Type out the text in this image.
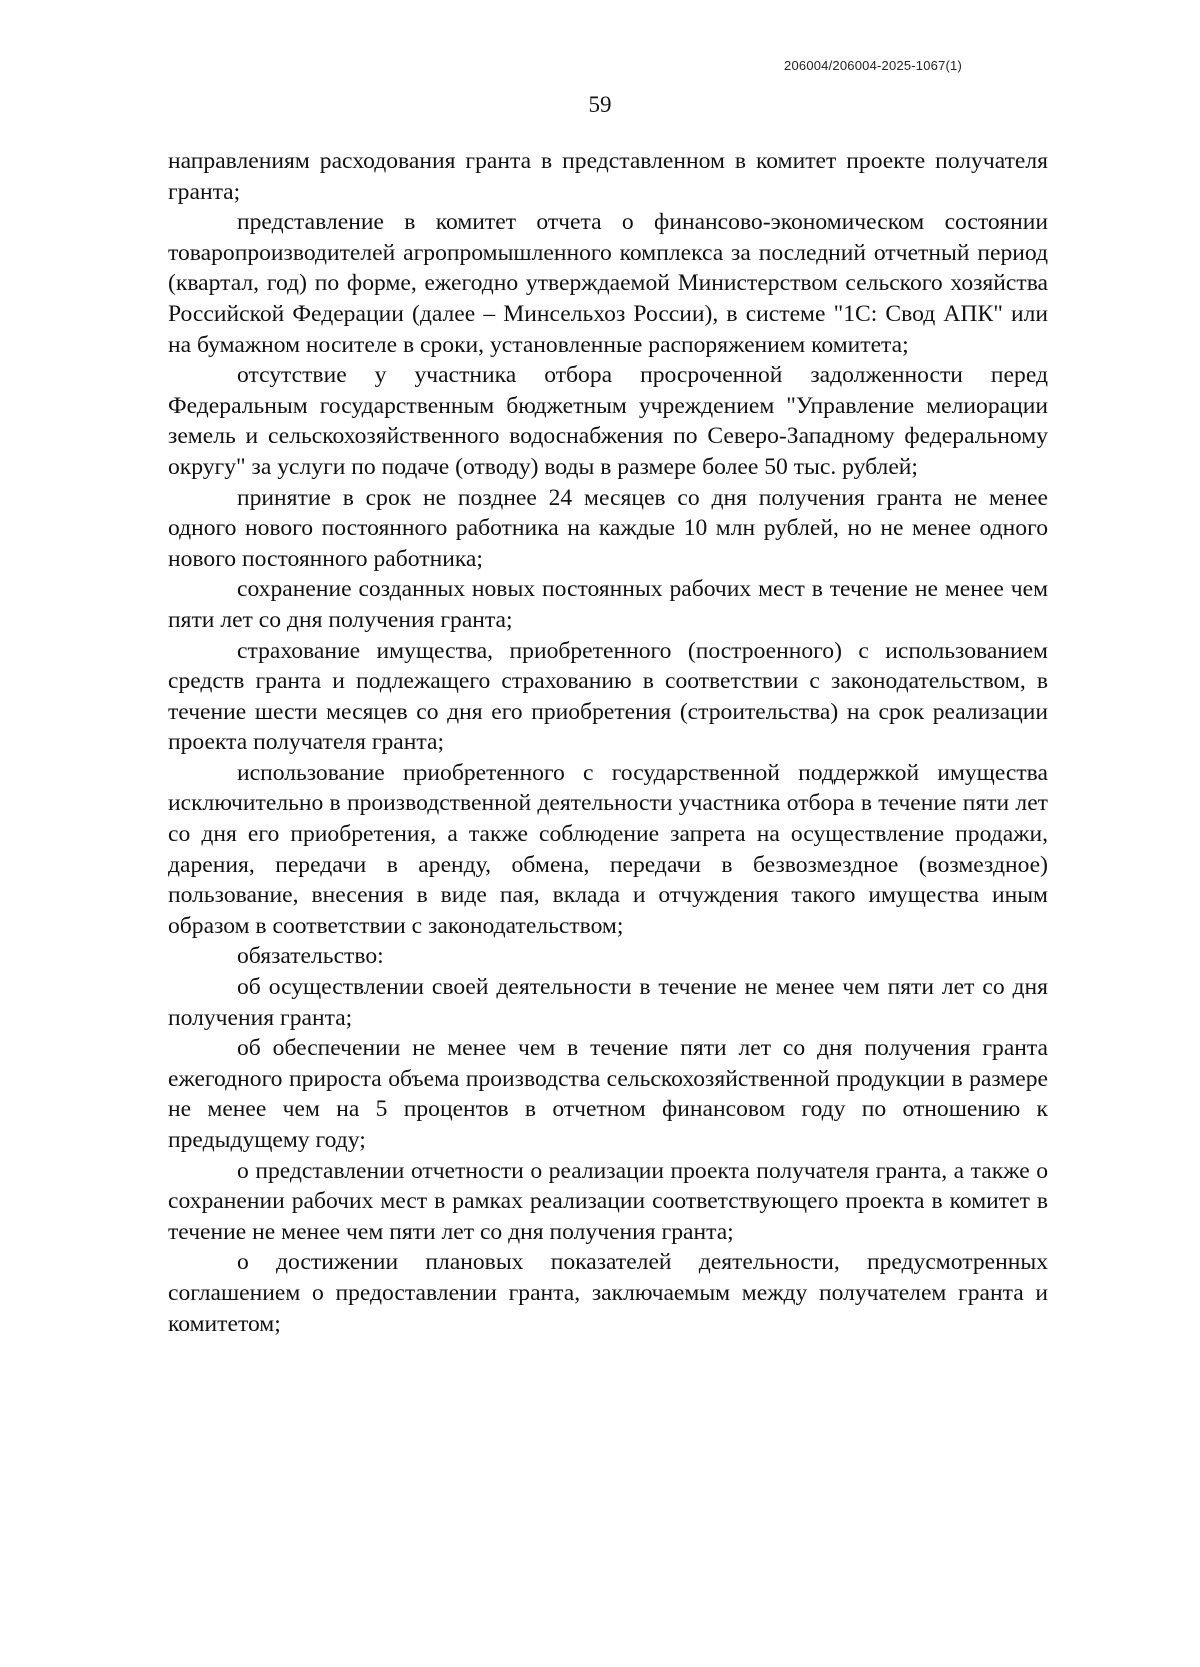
206004/206004-2025-1067(1)
59

направлениям расходования гранта в представленном в комитет проекте получателя гранта;

представление в комитет отчета о финансово-экономическом состоянии товаропроизводителей агропромышленного комплекса за последний отчетный период (квартал, год) по форме, ежегодно утверждаемой Министерством сельского хозяйства Российской Федерации (далее – Минсельхоз России), в системе "1С: Свод АПК" или на бумажном носителе в сроки, установленные распоряжением комитета;

отсутствие у участника отбора просроченной задолженности перед Федеральным государственным бюджетным учреждением "Управление мелиорации земель и сельскохозяйственного водоснабжения по Северо-Западному федеральному округу" за услуги по подаче (отводу) воды в размере более 50 тыс. рублей;

принятие в срок не позднее 24 месяцев со дня получения гранта не менее одного нового постоянного работника на каждые 10 млн рублей, но не менее одного нового постоянного работника;

сохранение созданных новых постоянных рабочих мест в течение не менее чем пяти лет со дня получения гранта;

страхование имущества, приобретенного (построенного) с использованием средств гранта и подлежащего страхованию в соответствии с законодательством, в течение шести месяцев со дня его приобретения (строительства) на срок реализации проекта получателя гранта;

использование приобретенного с государственной поддержкой имущества исключительно в производственной деятельности участника отбора в течение пяти лет со дня его приобретения, а также соблюдение запрета на осуществление продажи, дарения, передачи в аренду, обмена, передачи в безвозмездное (возмездное) пользование, внесения в виде пая, вклада и отчуждения такого имущества иным образом в соответствии с законодательством;

обязательство:

об осуществлении своей деятельности в течение не менее чем пяти лет со дня получения гранта;

об обеспечении не менее чем в течение пяти лет со дня получения гранта ежегодного прироста объема производства сельскохозяйственной продукции в размере не менее чем на 5 процентов в отчетном финансовом году по отношению к предыдущему году;

о представлении отчетности о реализации проекта получателя гранта, а также о сохранении рабочих мест в рамках реализации соответствующего проекта в комитет в течение не менее чем пяти лет со дня получения гранта;

о достижении плановых показателей деятельности, предусмотренных соглашением о предоставлении гранта, заключаемым между получателем гранта и комитетом;
